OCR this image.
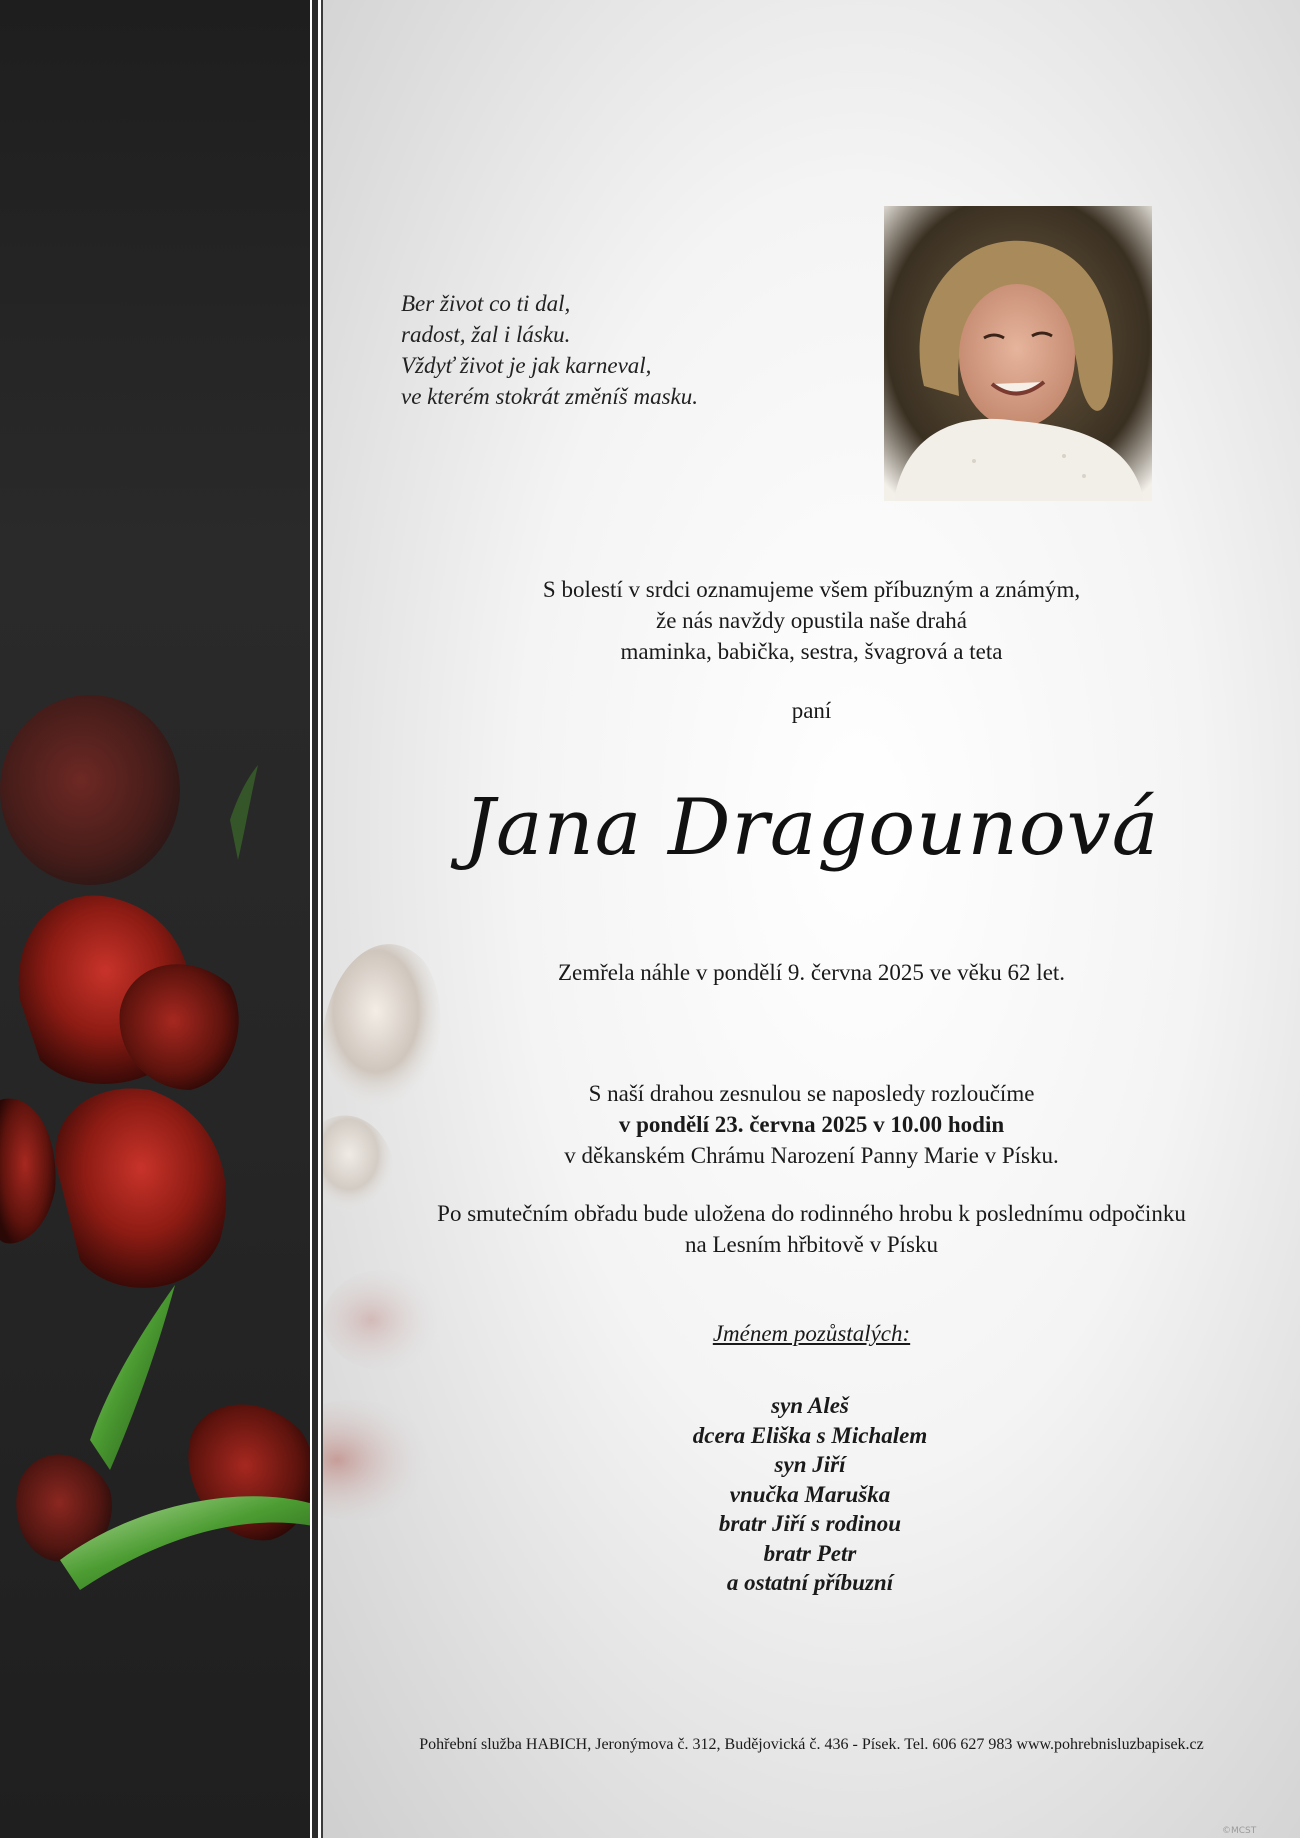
Ber život co ti dal,
radost, žal i lásku.
Vždyť život je jak karneval,
ve kterém stokrát změníš masku.
S bolestí v srdci oznamujeme všem příbuzným a známým,
že nás navždy opustila naše drahá
maminka, babička, sestra, švagrová a teta
paní
Jana Dragounová
Zemřela náhle v pondělí 9. června 2025 ve věku 62 let.
S naší drahou zesnulou se naposledy rozloučíme
v pondělí 23. června 2025 v 10.00 hodin
v děkanském Chrámu Narození Panny Marie v Písku.
Po smutečním obřadu bude uložena do rodinného hrobu k poslednímu odpočinku
na Lesním hřbitově v Písku
Jménem pozůstalých:
syn Aleš
dcera Eliška s Michalem
syn Jiří
vnučka Maruška
bratr Jiří s rodinou
bratr Petr
a ostatní příbuzní
Pohřební služba HABICH, Jeronýmova č. 312, Budějovická č. 436 - Písek. Tel. 606 627 983 www.pohrebnisluzbapisek.cz
©MCST
